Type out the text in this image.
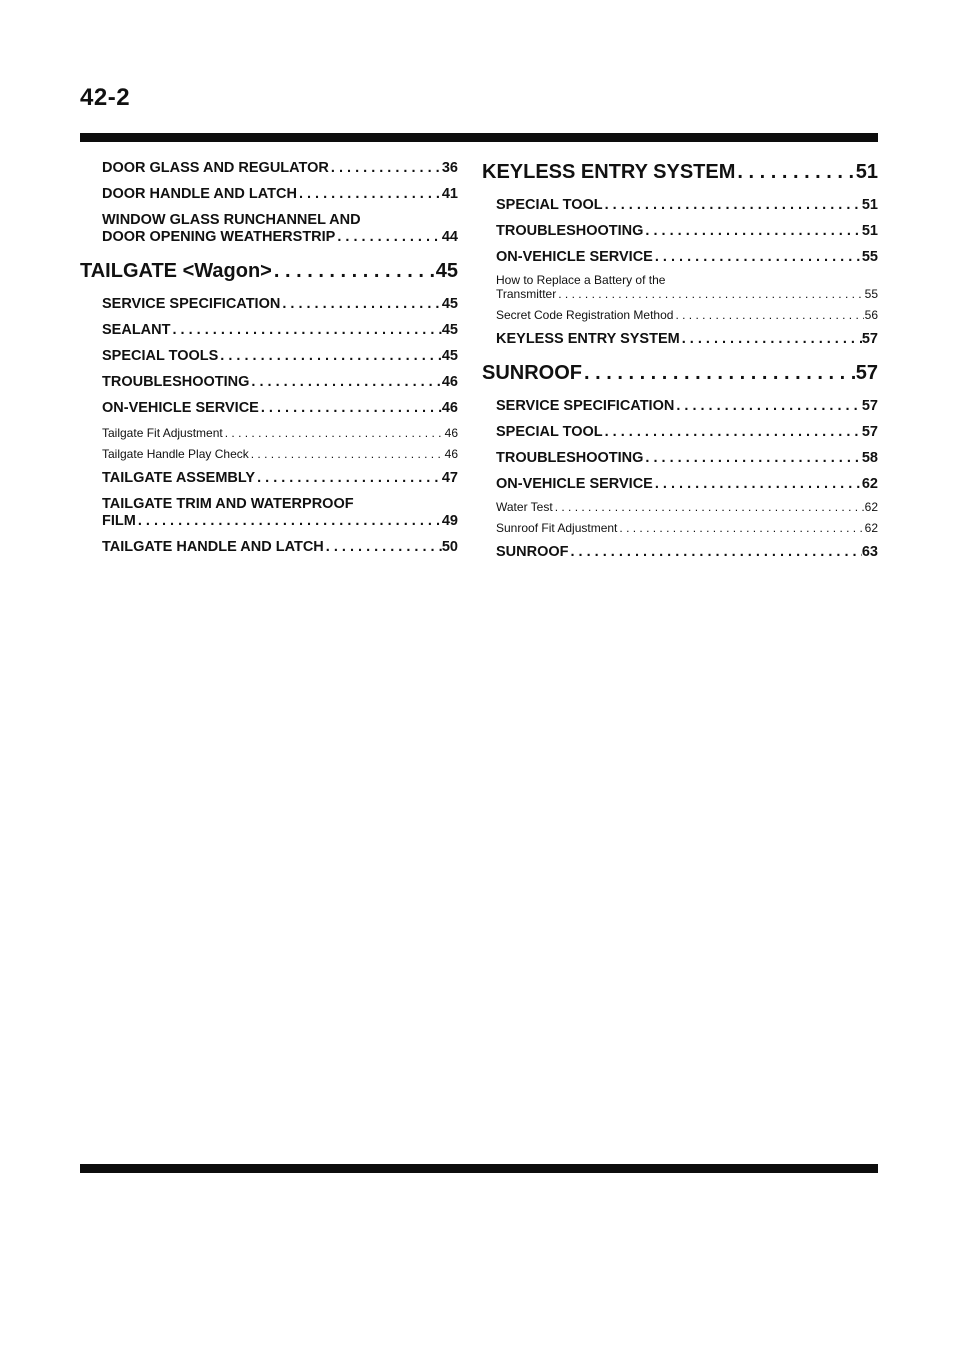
42-2
DOOR GLASS AND REGULATOR . . .	36
DOOR HANDLE AND LATCH . . .	41
WINDOW GLASS RUNCHANNEL AND
DOOR OPENING WEATHERSTRIP . . .	44
TAILGATE <Wagon> . . .	45
SERVICE SPECIFICATION . . .	45
SEALANT . . .	45
SPECIAL TOOLS . . .	45
TROUBLESHOOTING . . .	46
ON-VEHICLE SERVICE . . .	46
Tailgate Fit Adjustment . . .	46
Tailgate Handle Play Check . . .	46
TAILGATE ASSEMBLY . . .	47
TAILGATE TRIM AND WATERPROOF
FILM . . .	49
TAILGATE HANDLE AND LATCH . . .	50
KEYLESS ENTRY SYSTEM . . .	51
SPECIAL TOOL . . .	51
TROUBLESHOOTING . . .	51
ON-VEHICLE SERVICE . . .	55
How to Replace a Battery of the
Transmitter . . .	55
Secret Code Registration Method . . .	56
KEYLESS ENTRY SYSTEM . . .	57
SUNROOF . . .	57
SERVICE SPECIFICATION . . .	57
SPECIAL TOOL . . .	57
TROUBLESHOOTING . . .	58
ON-VEHICLE SERVICE . . .	62
Water Test . . .	62
Sunroof Fit Adjustment . . .	62
SUNROOF . . .	63
